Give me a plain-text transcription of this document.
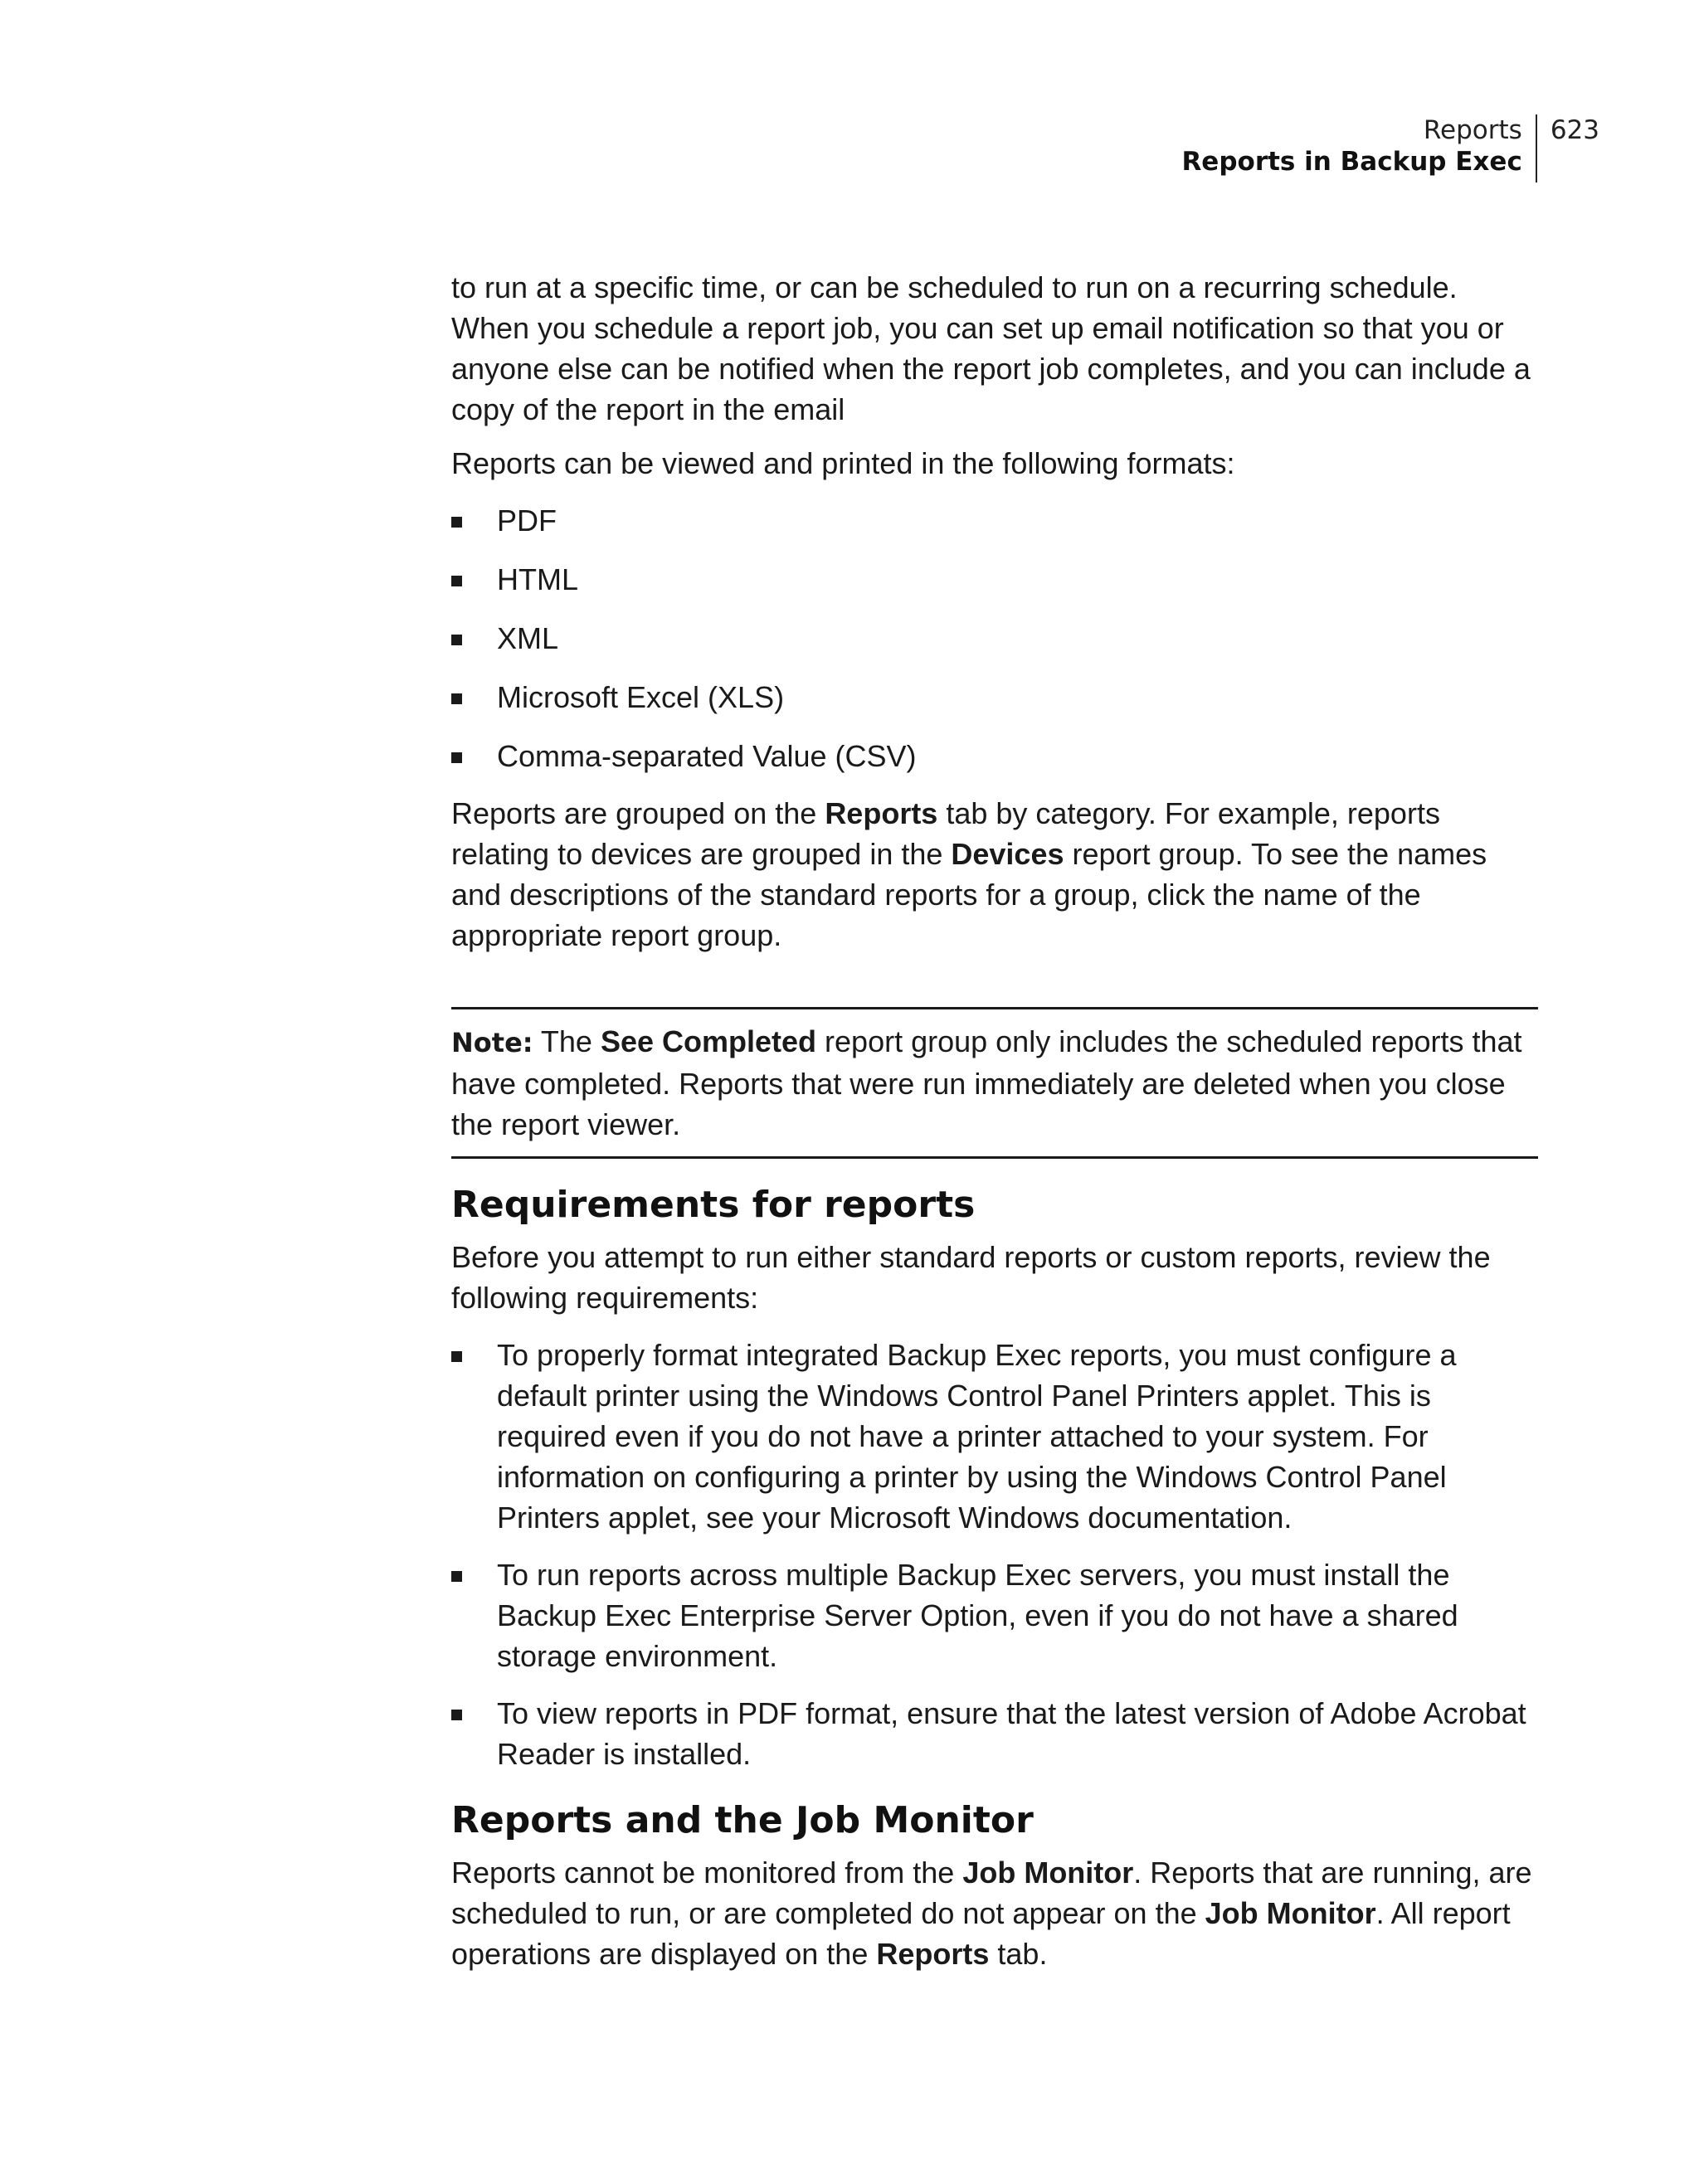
Reports
Reports in Backup Exec
623

to run at a specific time, or can be scheduled to run on a recurring schedule. When you schedule a report job, you can set up email notification so that you or anyone else can be notified when the report job completes, and you can include a copy of the report in the email

Reports can be viewed and printed in the following formats:

PDF
HTML
XML
Microsoft Excel (XLS)
Comma-separated Value (CSV)

Reports are grouped on the Reports tab by category. For example, reports relating to devices are grouped in the Devices report group. To see the names and descriptions of the standard reports for a group, click the name of the appropriate report group.

Note: The See Completed report group only includes the scheduled reports that have completed. Reports that were run immediately are deleted when you close the report viewer.

Requirements for reports

Before you attempt to run either standard reports or custom reports, review the following requirements:

To properly format integrated Backup Exec reports, you must configure a default printer using the Windows Control Panel Printers applet. This is required even if you do not have a printer attached to your system. For information on configuring a printer by using the Windows Control Panel Printers applet, see your Microsoft Windows documentation.
To run reports across multiple Backup Exec servers, you must install the Backup Exec Enterprise Server Option, even if you do not have a shared storage environment.
To view reports in PDF format, ensure that the latest version of Adobe Acrobat Reader is installed.
Reports and the Job Monitor

Reports cannot be monitored from the Job Monitor. Reports that are running, are scheduled to run, or are completed do not appear on the Job Monitor. All report operations are displayed on the Reports tab.
